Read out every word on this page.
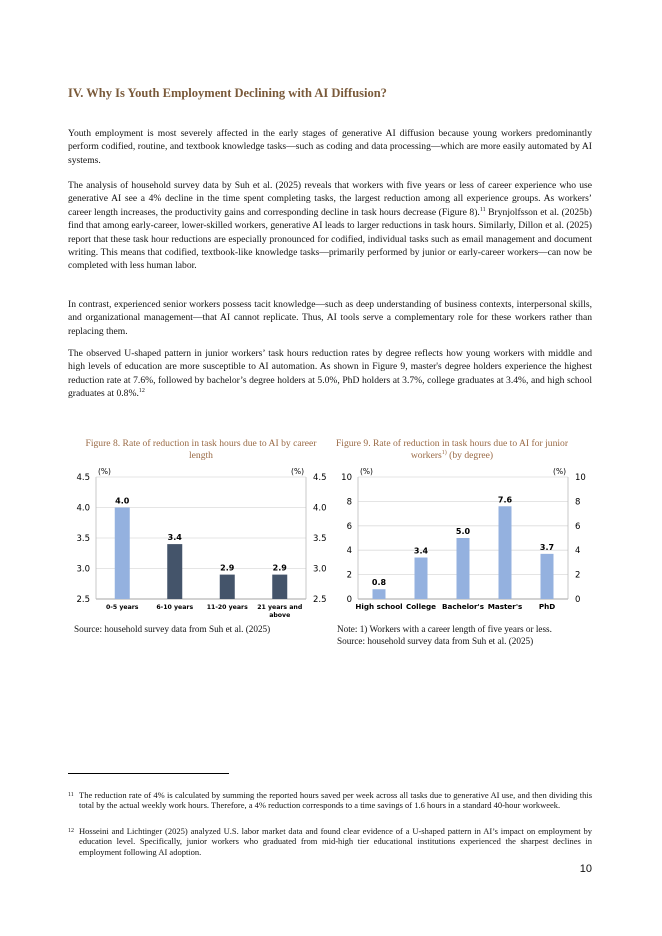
IV. Why Is Youth Employment Declining with AI Diffusion?

Youth employment is most severely affected in the early stages of generative AI diffusion because young workers predominantly perform codified, routine, and textbook knowledge tasks—such as coding and data processing—which are more easily automated by AI systems.

The analysis of household survey data by Suh et al. (2025) reveals that workers with five years or less of career experience who use generative AI see a 4% decline in the time spent completing tasks, the largest reduction among all experience groups. As workers’ career length increases, the productivity gains and corresponding decline in task hours decrease (Figure 8).$^{11}$ Brynjolfsson et al. (2025b) find that among early-career, lower-skilled workers, generative AI leads to larger reductions in task hours. Similarly, Dillon et al. (2025) report that these task hour reductions are especially pronounced for codified, individual tasks such as email management and document writing. This means that codified, textbook-like knowledge tasks—primarily performed by junior or early-career workers—can now be completed with less human labor.

In contrast, experienced senior workers possess tacit knowledge—such as deep understanding of business contexts, interpersonal skills, and organizational management—that AI cannot replicate. Thus, AI tools serve a complementary role for these workers rather than replacing them.

The observed U-shaped pattern in junior workers’ task hours reduction rates by degree reflects how young workers with middle and high levels of education are more susceptible to AI automation. As shown in Figure 9, master's degree holders experience the highest reduction rate at 7.6%, followed by bachelor’s degree holders at 5.0%, PhD holders at 3.7%, college graduates at 3.4%, and high school graduates at 0.8%.$^{12}$

Figure 8. Rate of reduction in task hours due to AI by career length
2.5	2.5
3.0	3.0
3.5	3.5
4.0	4.0
4.5	4.5
(%)	(%)
4.0
0-5 years
3.4
6-10 years
2.9
11-20 years
2.9
21 years and
above
Source: household survey data from Suh et al. (2025)
Figure 9. Rate of reduction in task hours due to AI for junior workers$^{1)}$ (by degree)
0	0
2	2
4	4
6	6
8	8
10	10
(%)	(%)
0.8
High school
3.4
College
5.0
Bachelor's
7.6
Master's
3.7
PhD
Note: 1) Workers with a career length of five years or less.
Source: household survey data from Suh et al. (2025)
11 The reduction rate of 4% is calculated by summing the reported hours saved per week across all tasks due to generative AI use, and then dividing this total by the actual weekly work hours. Therefore, a 4% reduction corresponds to a time savings of 1.6 hours in a standard 40-hour workweek.
12 Hosseini and Lichtinger (2025) analyzed U.S. labor market data and found clear evidence of a U-shaped pattern in AI’s impact on employment by education level. Specifically, junior workers who graduated from mid-high tier educational institutions experienced the sharpest declines in employment following AI adoption.
10
